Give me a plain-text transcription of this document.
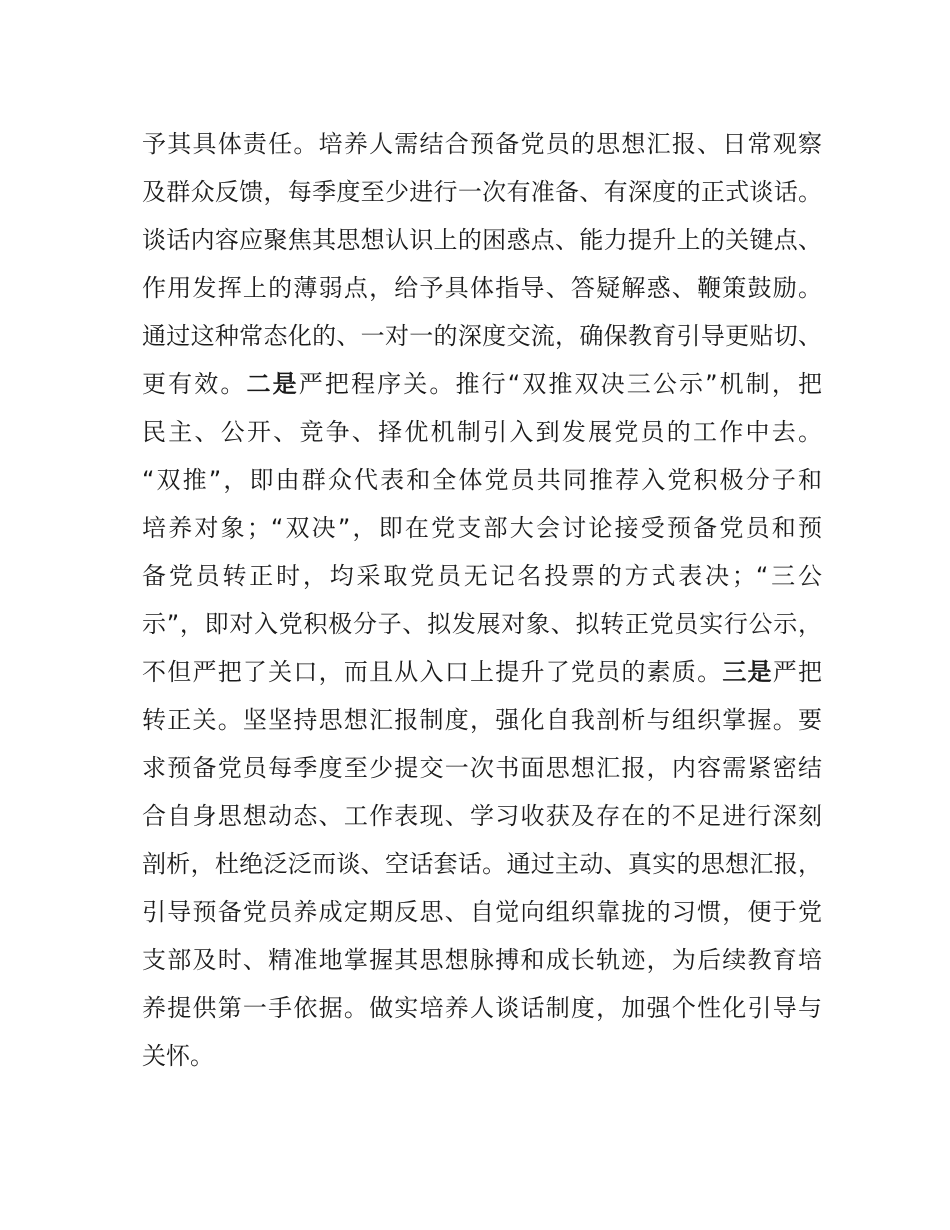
予其具体责任。培养人需结合预备党员的思想汇报、日常观察
及群众反馈，每季度至少进行一次有准备、有深度的正式谈话。
谈话内容应聚焦其思想认识上的困惑点、能力提升上的关键点、
作用发挥上的薄弱点，给予具体指导、答疑解惑、鞭策鼓励。
通过这种常态化的、一对一的深度交流，确保教育引导更贴切、
更有效。二是严把程序关。推行“双推双决三公示”机制，把
民主、公开、竞争、择优机制引入到发展党员的工作中去。
“双推”，即由群众代表和全体党员共同推荐入党积极分子和
培养对象；“双决”，即在党支部大会讨论接受预备党员和预
备党员转正时，均采取党员无记名投票的方式表决；“三公
示”，即对入党积极分子、拟发展对象、拟转正党员实行公示，
不但严把了关口，而且从入口上提升了党员的素质。三是严把
转正关。坚坚持思想汇报制度，强化自我剖析与组织掌握。要
求预备党员每季度至少提交一次书面思想汇报，内容需紧密结
合自身思想动态、工作表现、学习收获及存在的不足进行深刻
剖析，杜绝泛泛而谈、空话套话。通过主动、真实的思想汇报，
引导预备党员养成定期反思、自觉向组织靠拢的习惯，便于党
支部及时、精准地掌握其思想脉搏和成长轨迹，为后续教育培
养提供第一手依据。做实培养人谈话制度，加强个性化引导与
关怀。
